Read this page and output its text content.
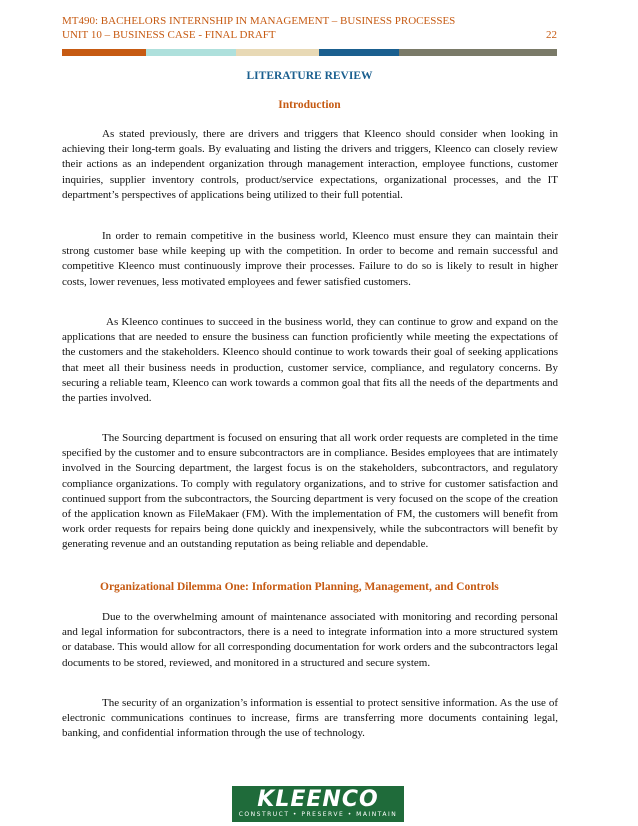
MT490: BACHELORS INTERNSHIP IN MANAGEMENT – BUSINESS PROCESSES
UNIT 10 – BUSINESS CASE - FINAL DRAFT	22
LITERATURE REVIEW
Introduction

As stated previously, there are drivers and triggers that Kleenco should consider when looking in achieving their long-term goals. By evaluating and listing the drivers and triggers, Kleenco can closely review their actions as an independent organization through management interaction, employee functions, customer inquiries, supplier inventory controls, product/service expectations, organizational processes, and the IT department’s perspectives of applications being utilized to their full potential.

In order to remain competitive in the business world, Kleenco must ensure they can maintain their strong customer base while keeping up with the competition. In order to become and remain successful and competitive Kleenco must continuously improve their processes. Failure to do so is likely to result in higher costs, lower revenues, less motivated employees and fewer satisfied customers.

As Kleenco continues to succeed in the business world, they can continue to grow and expand on the applications that are needed to ensure the business can function proficiently while meeting the expectations of the customers and the stakeholders. Kleenco should continue to work towards their goal of seeking applications that meet all their business needs in production, customer service, compliance, and regulatory concerns. By securing a reliable team, Kleenco can work towards a common goal that fits all the needs of the departments and the parties involved.

The Sourcing department is focused on ensuring that all work order requests are completed in the time specified by the customer and to ensure subcontractors are in compliance. Besides employees that are intimately involved in the Sourcing department, the largest focus is on the stakeholders, subcontractors, and regulatory compliance organizations. To comply with regulatory organizations, and to strive for customer satisfaction and continued support from the subcontractors, the Sourcing department is very focused on the scope of the creation of the application known as FileMakaer (FM). With the implementation of FM, the customers will benefit from work order requests for repairs being done quickly and inexpensively, while the subcontractors will benefit by generating revenue and an outstanding reputation as being reliable and dependable.

Organizational Dilemma One: Information Planning, Management, and Controls

Due to the overwhelming amount of maintenance associated with monitoring and recording personal and legal information for subcontractors, there is a need to integrate information into a more structured system or database. This would allow for all corresponding documentation for work orders and the subcontractors legal documents to be stored, reviewed, and monitored in a structured and secure system.

The security of an organization’s information is essential to protect sensitive information. As the use of electronic communications continues to increase, firms are transferring more documents containing legal, banking, and confidential information through the use of technology.

KLEENCO
CONSTRUCT • PRESERVE • MAINTAIN
